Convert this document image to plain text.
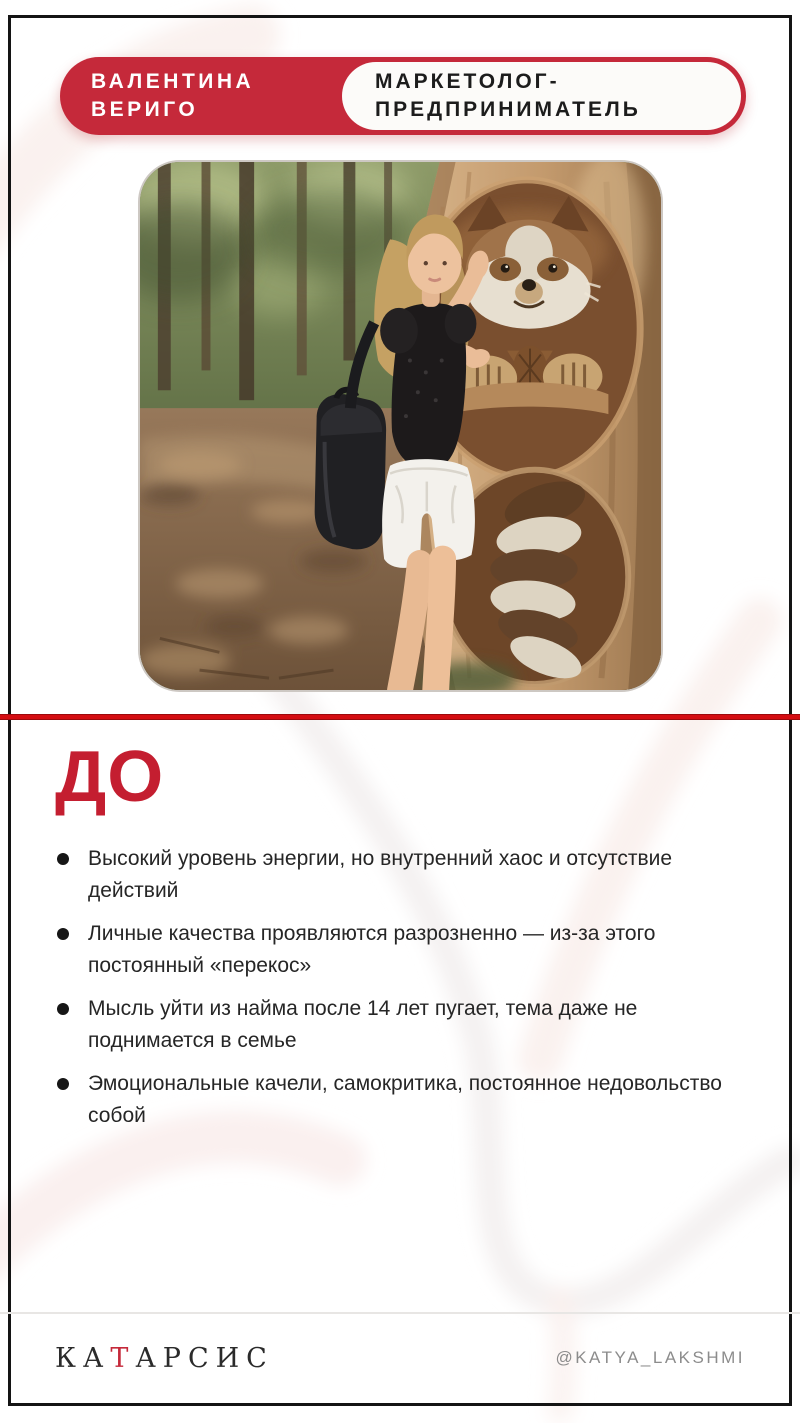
ВАЛЕНТИНА
ВЕРИГО
МАРКЕТОЛОГ-
ПРЕДПРИНИМАТЕЛЬ
ДО
Высокий уровень энергии, но внутренний хаос и отсутствие действий
Личные качества проявляются разрозненно — из-за этого постоянный «перекос»
Мысль уйти из найма после 14 лет пугает, тема даже не поднимается в семье
Эмоциональные качели, самокритика, постоянное недовольство собой
КАТАРСИС	@KATYA_LAKSHMI
